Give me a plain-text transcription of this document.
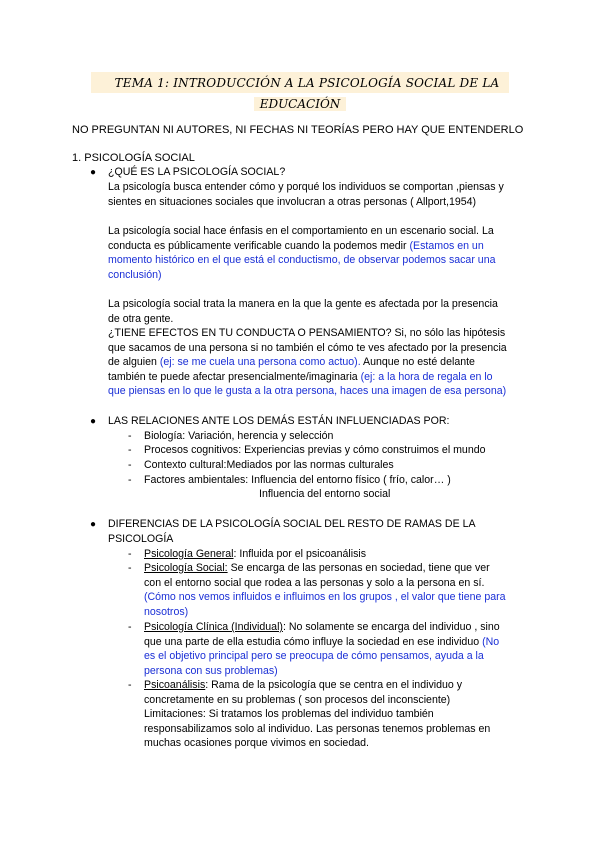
TEMA 1: INTRODUCCIÓN A LA PSICOLOGÍA SOCIAL DE LA
EDUCACIÓN
NO PREGUNTAN NI AUTORES, NI FECHAS NI TEORÍAS PERO HAY QUE ENTENDERLO
1. PSICOLOGÍA SOCIAL
● ¿QUÉ ES LA PSICOLOGÍA SOCIAL?

La psicología busca entender cómo y porqué los individuos se comportan ,piensas y

sientes en situaciones sociales que involucran a otras personas ( Allport,1954)

La psicología social hace énfasis en el comportamiento en un escenario social. La

conducta es públicamente verificable cuando la podemos medir (Estamos en un

momento histórico en el que está el conductismo, de observar podemos sacar una

conclusión)

La psicología social trata la manera en la que la gente es afectada por la presencia

de otra gente.

¿TIENE EFECTOS EN TU CONDUCTA O PENSAMIENTO? Si, no sólo las hipótesis

que sacamos de una persona si no también el cómo te ves afectado por la presencia

de alguien (ej: se me cuela una persona como actuo). Aunque no esté delante

también te puede afectar presencialmente/imaginaria (ej: a la hora de regala en lo

que piensas en lo que le gusta a la otra persona, haces una imagen de esa persona)

● LAS RELACIONES ANTE LOS DEMÁS ESTÁN INFLUENCIADAS POR:
- Biología: Variación, herencia y selección
- Procesos cognitivos: Experiencias previas y cómo construimos el mundo
- Contexto cultural:Mediados por las normas culturales
- Factores ambientales: Influencia del entorno físico ( frío, calor… )
Influencia del entorno social
● DIFERENCIAS DE LA PSICOLOGÍA SOCIAL DEL RESTO DE RAMAS DE LA

PSICOLOGÍA

- Psicología General: Influida por el psicoanálisis

- Psicología Social: Se encarga de las personas en sociedad, tiene que ver

con el entorno social que rodea a las personas y solo a la persona en sí.

(Cómo nos vemos influidos e influimos en los grupos , el valor que tiene para

nosotros)

- Psicología Clínica (Individual): No solamente se encarga del individuo , sino

que una parte de ella estudia cómo influye la sociedad en ese individuo (No

es el objetivo principal pero se preocupa de cómo pensamos, ayuda a la

persona con sus problemas)

- Psicoanálisis: Rama de la psicología que se centra en el individuo y

concretamente en su problemas ( son procesos del inconsciente)

Limitaciones: Si tratamos los problemas del individuo también

responsabilizamos solo al individuo. Las personas tenemos problemas en

muchas ocasiones porque vivimos en sociedad.
